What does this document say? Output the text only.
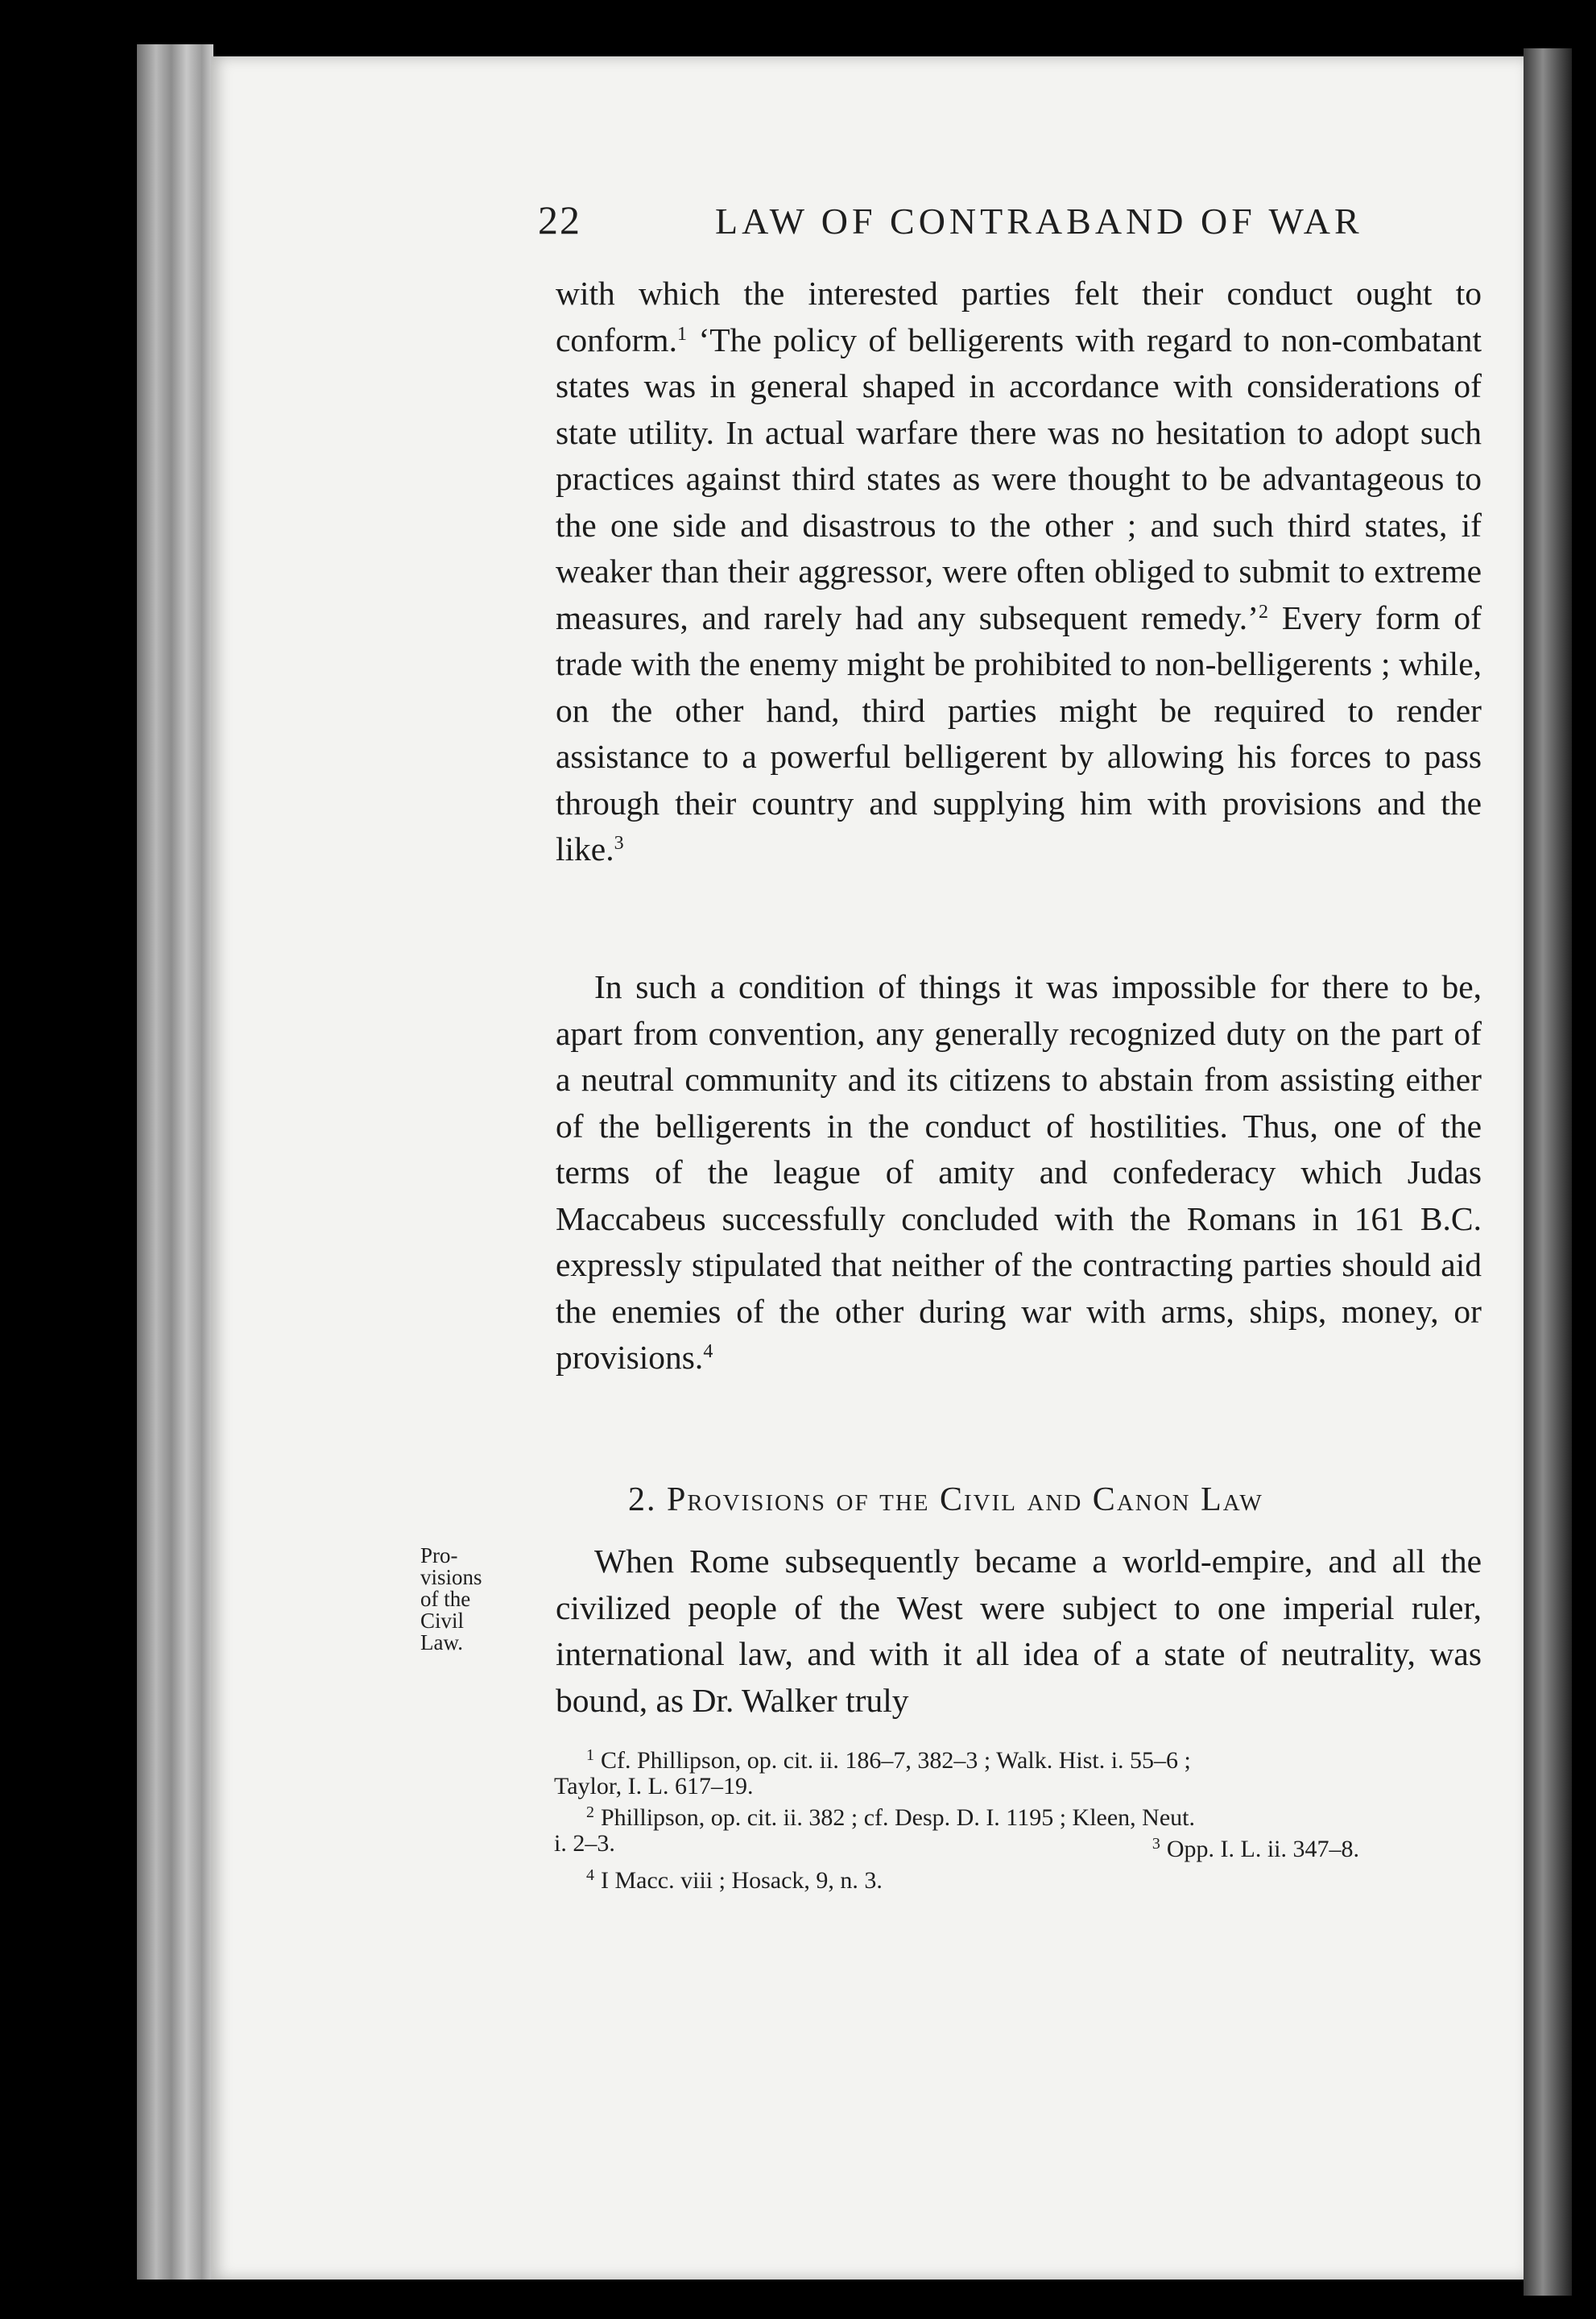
22	LAW OF CONTRABAND OF WAR

with which the interested parties felt their conduct ought to conform.$^1$ ‘The policy of belligerents with regard to non-combatant states was in general shaped in accordance with considerations of state utility. In actual warfare there was no hesitation to adopt such practices against third states as were thought to be advantageous to the one side and disastrous to the other ; and such third states, if weaker than their aggressor, were often obliged to submit to extreme measures, and rarely had any subsequent remedy.’$^2$ Every form of trade with the enemy might be prohibited to non-belligerents ; while, on the other hand, third parties might be required to render assistance to a powerful belligerent by allowing his forces to pass through their country and supplying him with provisions and the like.$^3$

In such a condition of things it was impossible for there to be, apart from convention, any generally recognized duty on the part of a neutral community and its citizens to abstain from assisting either of the belligerents in the conduct of hostilities. Thus, one of the terms of the league of amity and confederacy which Judas Maccabeus successfully concluded with the Romans in 161 B.C. expressly stipulated that neither of the contracting parties should aid the enemies of the other during war with arms, ships, money, or provisions.$^4$

2. Provisions of the Civil and Canon Law
Pro-
visions
of the
Civil
Law.

When Rome subsequently became a world-empire, and all the civilized people of the West were subject to one imperial ruler, international law, and with it all idea of a state of neutrality, was bound, as Dr. Walker truly

$^1$ Cf. Phillipson, op. cit. ii. 186–7, 382–3 ; Walk. Hist. i. 55–6 ;

Taylor, I. L. 617–19.

$^2$ Phillipson, op. cit. ii. 382 ; cf. Desp. D. I. 1195 ; Kleen, Neut.

i. 2–3.	$^3$ Opp. I. L. ii. 347–8.

$^4$ I Macc. viii ; Hosack, 9, n. 3.
